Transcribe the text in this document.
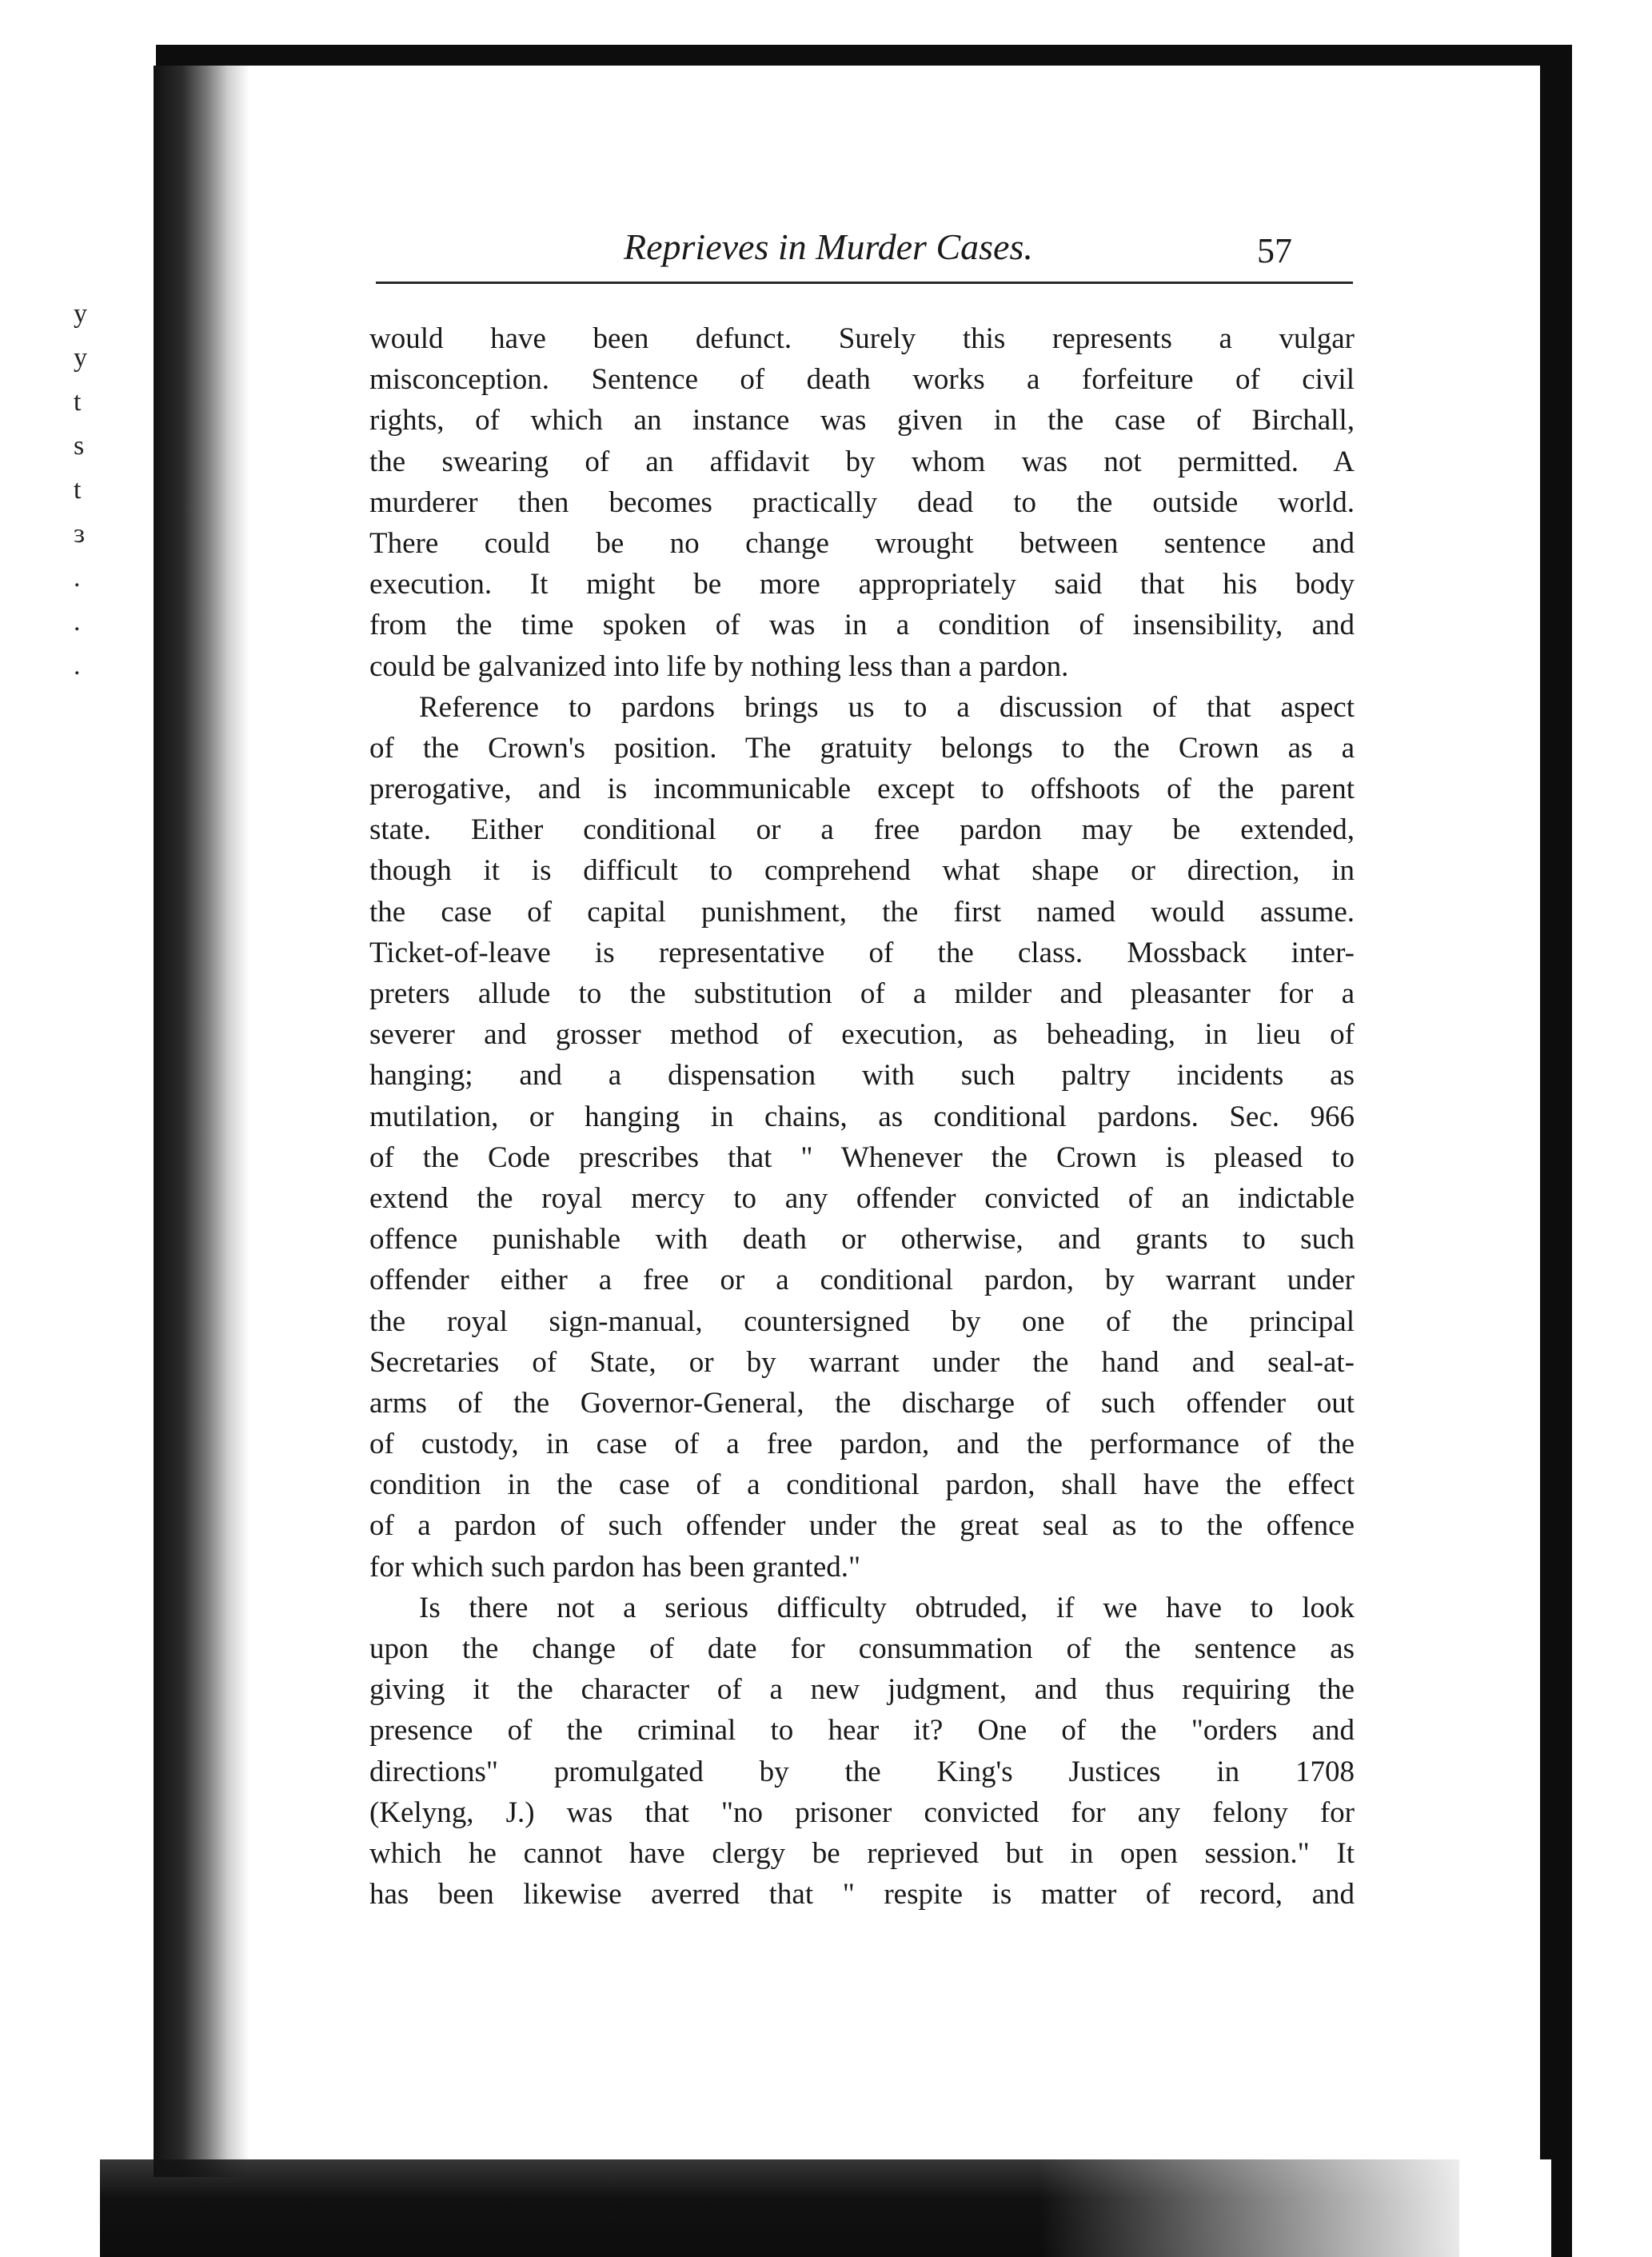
y
y
t
s
t
ɜ
.
.
.
Reprieves in Murder Cases.	57
would have been defunct. Surely this represents a vulgar
misconception. Sentence of death works a forfeiture of civil
rights, of which an instance was given in the case of Birchall,
the swearing of an affidavit by whom was not permitted. A
murderer then becomes practically dead to the outside world.
There could be no change wrought between sentence and
execution. It might be more appropriately said that his body
from the time spoken of was in a condition of insensibility, and
could be galvanized into life by nothing less than a pardon.
Reference to pardons brings us to a discussion of that aspect
of the Crown's position. The gratuity belongs to the Crown as a
prerogative, and is incommunicable except to offshoots of the parent
state. Either conditional or a free pardon may be extended,
though it is difficult to comprehend what shape or direction, in
the case of capital punishment, the first named would assume.
Ticket-of-leave is representative of the class. Mossback inter-
preters allude to the substitution of a milder and pleasanter for a
severer and grosser method of execution, as beheading, in lieu of
hanging; and a dispensation with such paltry incidents as
mutilation, or hanging in chains, as conditional pardons. Sec. 966
of the Code prescribes that " Whenever the Crown is pleased to
extend the royal mercy to any offender convicted of an indictable
offence punishable with death or otherwise, and grants to such
offender either a free or a conditional pardon, by warrant under
the royal sign-manual, countersigned by one of the principal
Secretaries of State, or by warrant under the hand and seal-at-
arms of the Governor-General, the discharge of such offender out
of custody, in case of a free pardon, and the performance of the
condition in the case of a conditional pardon, shall have the effect
of a pardon of such offender under the great seal as to the offence
for which such pardon has been granted."
Is there not a serious difficulty obtruded, if we have to look
upon the change of date for consummation of the sentence as
giving it the character of a new judgment, and thus requiring the
presence of the criminal to hear it? One of the "orders and
directions" promulgated by the King's Justices in 1708
(Kelyng, J.) was that "no prisoner convicted for any felony for
which he cannot have clergy be reprieved but in open session." It
has been likewise averred that " respite is matter of record, and
